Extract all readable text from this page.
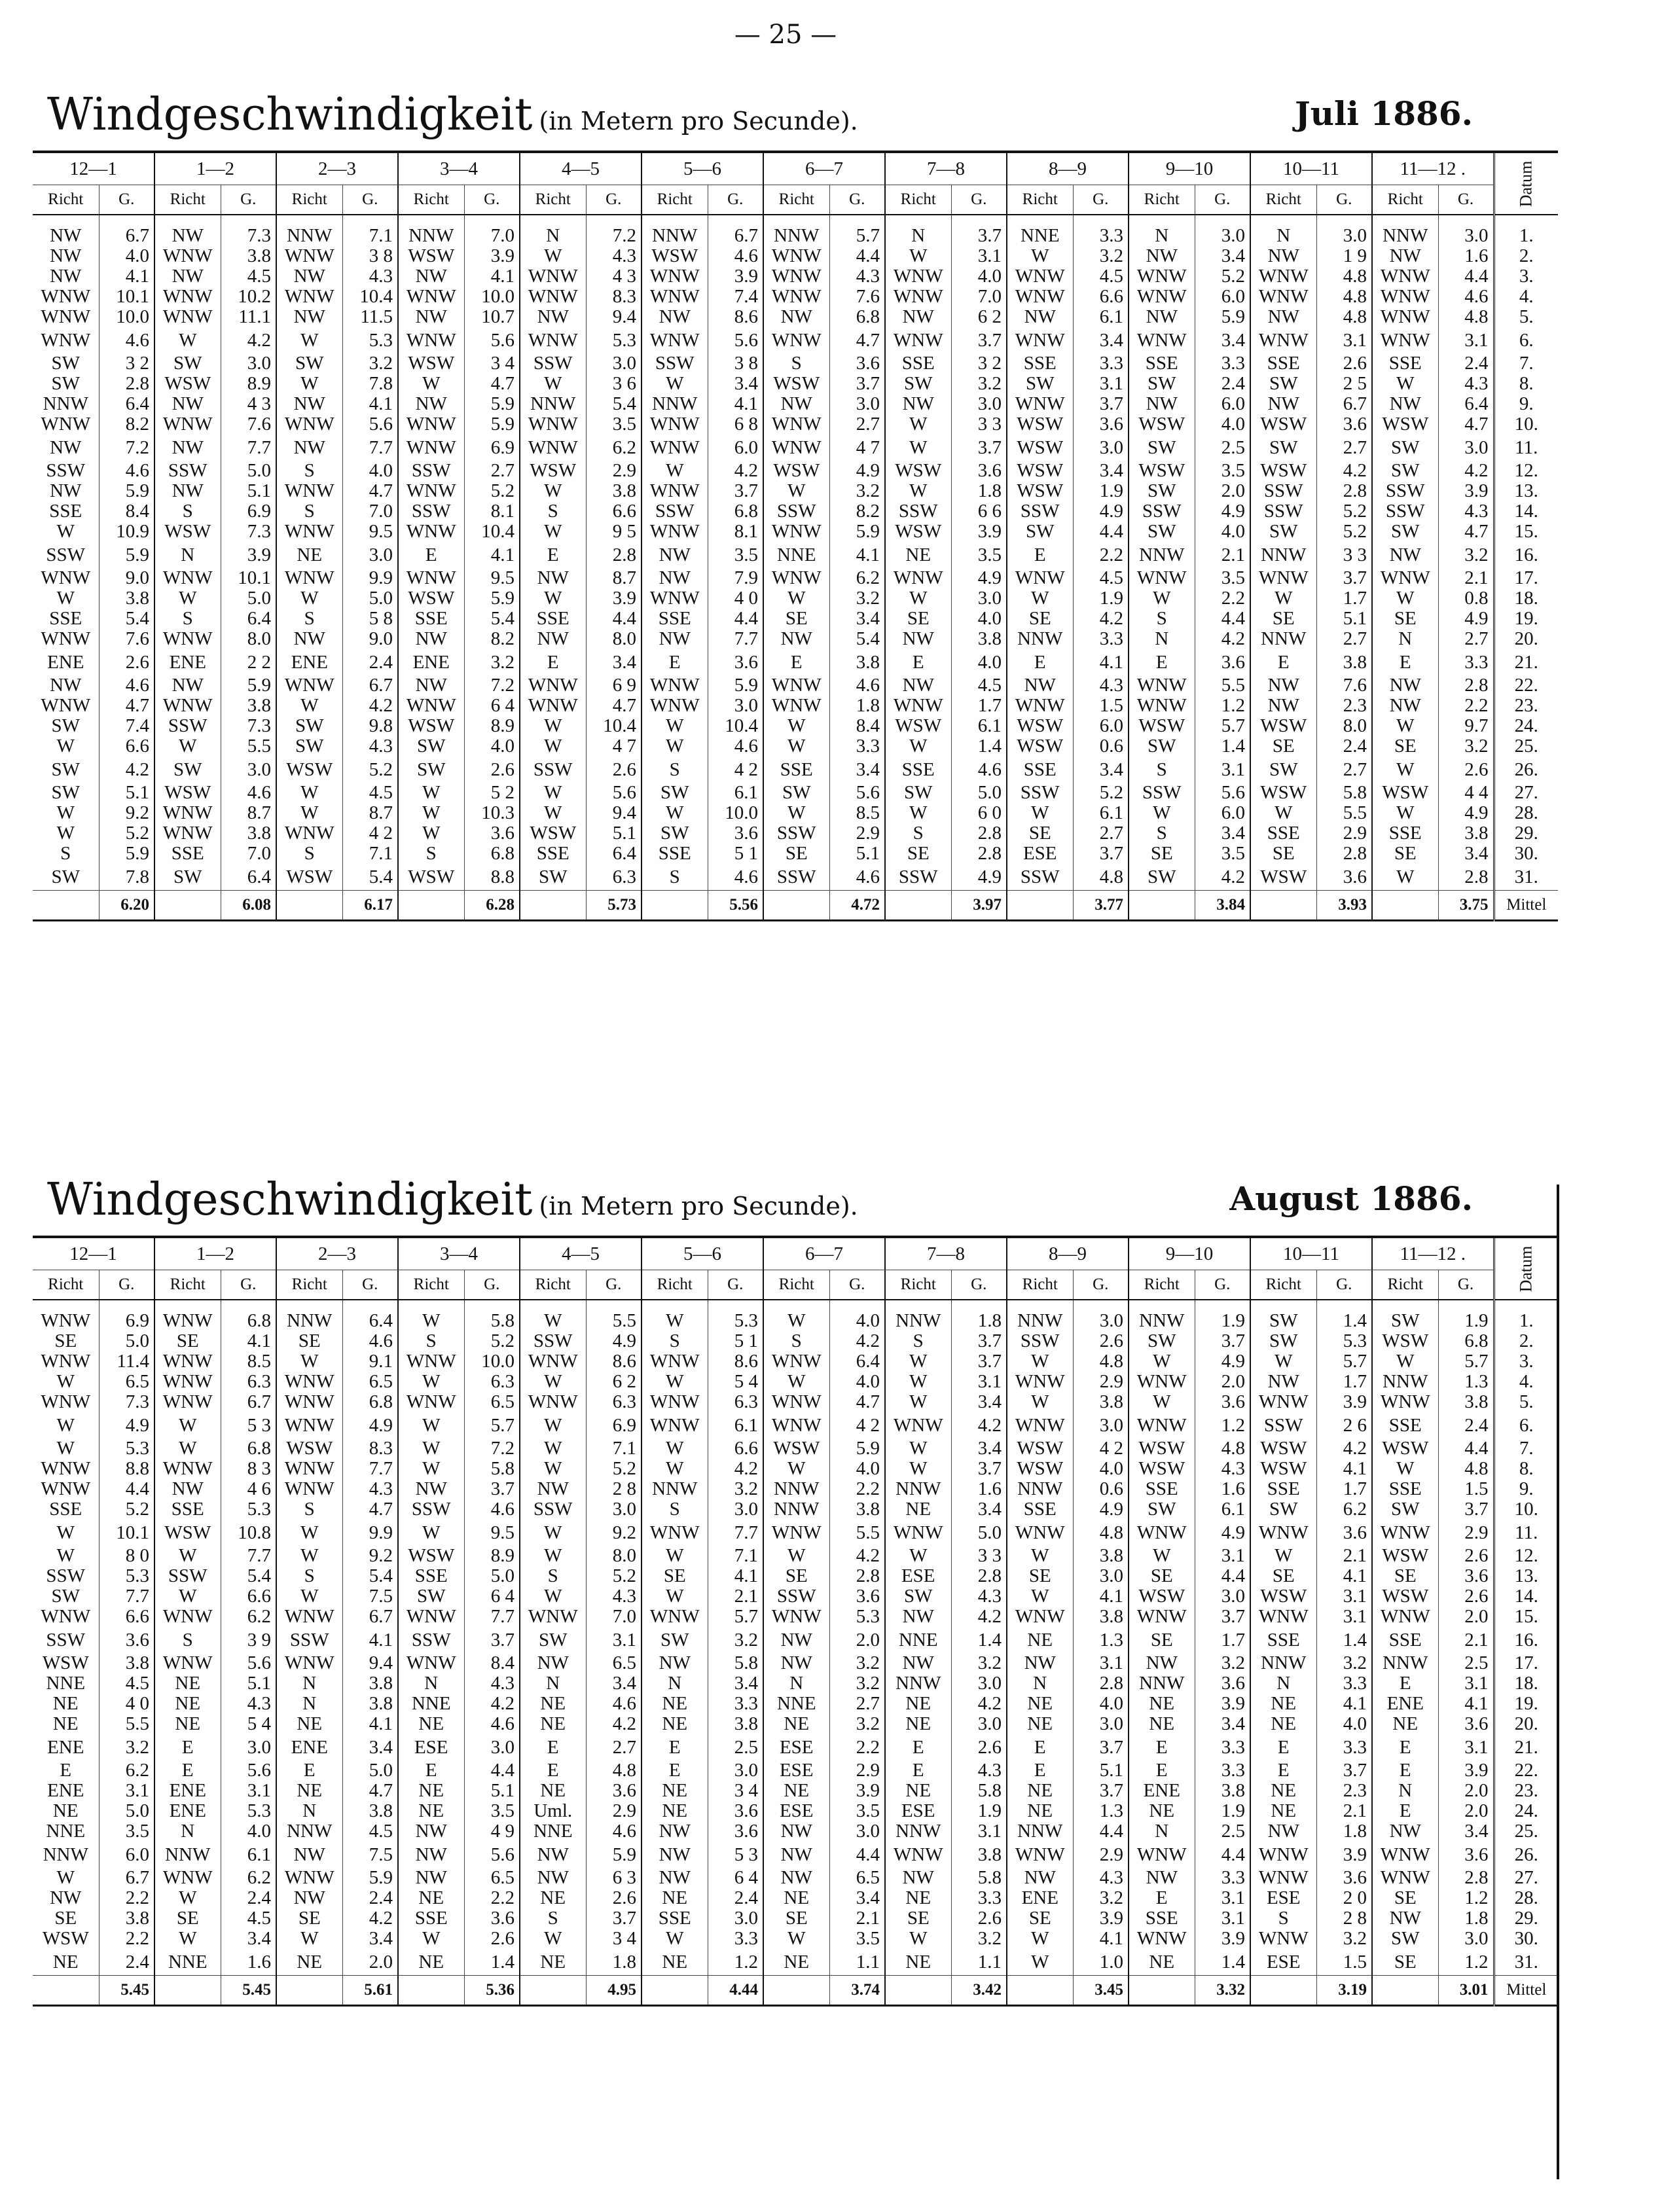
— 25 —
Windgeschwindigkeit (in Metern pro Secunde).	Juli 1886.
12—1		1—2		2—3		3—4		4—5		5—6		6—7		7—8		8—9		9—10		10—11		11—12 .		Datum
Richt	G.	Richt	G.	Richt	G.	Richt	G.	Richt	G.	Richt	G.	Richt	G.	Richt	G.	Richt	G.	Richt	G.	Richt	G.	Richt	G.	
NW	6.7	NW	7.3	NNW	7.1	NNW	7.0	N	7.2	NNW	6.7	NNW	5.7	N	3.7	NNE	3.3	N	3.0	N	3.0	NNW	3.0	1.
NW	4.0	WNW	3.8	WNW	3 8	WSW	3.9	W	4.3	WSW	4.6	WNW	4.4	W	3.1	W	3.2	NW	3.4	NW	1 9	NW	1.6	2.
NW	4.1	NW	4.5	NW	4.3	NW	4.1	WNW	4 3	WNW	3.9	WNW	4.3	WNW	4.0	WNW	4.5	WNW	5.2	WNW	4.8	WNW	4.4	3.
WNW	10.1	WNW	10.2	WNW	10.4	WNW	10.0	WNW	8.3	WNW	7.4	WNW	7.6	WNW	7.0	WNW	6.6	WNW	6.0	WNW	4.8	WNW	4.6	4.
WNW	10.0	WNW	11.1	NW	11.5	NW	10.7	NW	9.4	NW	8.6	NW	6.8	NW	6 2	NW	6.1	NW	5.9	NW	4.8	WNW	4.8	5.
WNW	4.6	W	4.2	W	5.3	WNW	5.6	WNW	5.3	WNW	5.6	WNW	4.7	WNW	3.7	WNW	3.4	WNW	3.4	WNW	3.1	WNW	3.1	6.
SW	3 2	SW	3.0	SW	3.2	WSW	3 4	SSW	3.0	SSW	3 8	S	3.6	SSE	3 2	SSE	3.3	SSE	3.3	SSE	2.6	SSE	2.4	7.
SW	2.8	WSW	8.9	W	7.8	W	4.7	W	3 6	W	3.4	WSW	3.7	SW	3.2	SW	3.1	SW	2.4	SW	2 5	W	4.3	8.
NNW	6.4	NW	4 3	NW	4.1	NW	5.9	NNW	5.4	NNW	4.1	NW	3.0	NW	3.0	WNW	3.7	NW	6.0	NW	6.7	NW	6.4	9.
WNW	8.2	WNW	7.6	WNW	5.6	WNW	5.9	WNW	3.5	WNW	6 8	WNW	2.7	W	3 3	WSW	3.6	WSW	4.0	WSW	3.6	WSW	4.7	10.
NW	7.2	NW	7.7	NW	7.7	WNW	6.9	WNW	6.2	WNW	6.0	WNW	4 7	W	3.7	WSW	3.0	SW	2.5	SW	2.7	SW	3.0	11.
SSW	4.6	SSW	5.0	S	4.0	SSW	2.7	WSW	2.9	W	4.2	WSW	4.9	WSW	3.6	WSW	3.4	WSW	3.5	WSW	4.2	SW	4.2	12.
NW	5.9	NW	5.1	WNW	4.7	WNW	5.2	W	3.8	WNW	3.7	W	3.2	W	1.8	WSW	1.9	SW	2.0	SSW	2.8	SSW	3.9	13.
SSE	8.4	S	6.9	S	7.0	SSW	8.1	S	6.6	SSW	6.8	SSW	8.2	SSW	6 6	SSW	4.9	SSW	4.9	SSW	5.2	SSW	4.3	14.
W	10.9	WSW	7.3	WNW	9.5	WNW	10.4	W	9 5	WNW	8.1	WNW	5.9	WSW	3.9	SW	4.4	SW	4.0	SW	5.2	SW	4.7	15.
SSW	5.9	N	3.9	NE	3.0	E	4.1	E	2.8	NW	3.5	NNE	4.1	NE	3.5	E	2.2	NNW	2.1	NNW	3 3	NW	3.2	16.
WNW	9.0	WNW	10.1	WNW	9.9	WNW	9.5	NW	8.7	NW	7.9	WNW	6.2	WNW	4.9	WNW	4.5	WNW	3.5	WNW	3.7	WNW	2.1	17.
W	3.8	W	5.0	W	5.0	WSW	5.9	W	3.9	WNW	4 0	W	3.2	W	3.0	W	1.9	W	2.2	W	1.7	W	0.8	18.
SSE	5.4	S	6.4	S	5 8	SSE	5.4	SSE	4.4	SSE	4.4	SE	3.4	SE	4.0	SE	4.2	S	4.4	SE	5.1	SE	4.9	19.
WNW	7.6	WNW	8.0	NW	9.0	NW	8.2	NW	8.0	NW	7.7	NW	5.4	NW	3.8	NNW	3.3	N	4.2	NNW	2.7	N	2.7	20.
ENE	2.6	ENE	2 2	ENE	2.4	ENE	3.2	E	3.4	E	3.6	E	3.8	E	4.0	E	4.1	E	3.6	E	3.8	E	3.3	21.
NW	4.6	NW	5.9	WNW	6.7	NW	7.2	WNW	6 9	WNW	5.9	WNW	4.6	NW	4.5	NW	4.3	WNW	5.5	NW	7.6	NW	2.8	22.
WNW	4.7	WNW	3.8	W	4.2	WNW	6 4	WNW	4.7	WNW	3.0	WNW	1.8	WNW	1.7	WNW	1.5	WNW	1.2	NW	2.3	NW	2.2	23.
SW	7.4	SSW	7.3	SW	9.8	WSW	8.9	W	10.4	W	10.4	W	8.4	WSW	6.1	WSW	6.0	WSW	5.7	WSW	8.0	W	9.7	24.
W	6.6	W	5.5	SW	4.3	SW	4.0	W	4 7	W	4.6	W	3.3	W	1.4	WSW	0.6	SW	1.4	SE	2.4	SE	3.2	25.
SW	4.2	SW	3.0	WSW	5.2	SW	2.6	SSW	2.6	S	4 2	SSE	3.4	SSE	4.6	SSE	3.4	S	3.1	SW	2.7	W	2.6	26.
SW	5.1	WSW	4.6	W	4.5	W	5 2	W	5.6	SW	6.1	SW	5.6	SW	5.0	SSW	5.2	SSW	5.6	WSW	5.8	WSW	4 4	27.
W	9.2	WNW	8.7	W	8.7	W	10.3	W	9.4	W	10.0	W	8.5	W	6 0	W	6.1	W	6.0	W	5.5	W	4.9	28.
W	5.2	WNW	3.8	WNW	4 2	W	3.6	WSW	5.1	SW	3.6	SSW	2.9	S	2.8	SE	2.7	S	3.4	SSE	2.9	SSE	3.8	29.
S	5.9	SSE	7.0	S	7.1	S	6.8	SSE	6.4	SSE	5 1	SE	5.1	SE	2.8	ESE	3.7	SE	3.5	SE	2.8	SE	3.4	30.
SW	7.8	SW	6.4	WSW	5.4	WSW	8.8	SW	6.3	S	4.6	SSW	4.6	SSW	4.9	SSW	4.8	SW	4.2	WSW	3.6	W	2.8	31.
	6.20		6.08		6.17		6.28		5.73		5.56		4.72		3.97		3.77		3.84		3.93		3.75	Mittel
Windgeschwindigkeit (in Metern pro Secunde).	August 1886.
12—1		1—2		2—3		3—4		4—5		5—6		6—7		7—8		8—9		9—10		10—11		11—12 .		Datum
Richt	G.	Richt	G.	Richt	G.	Richt	G.	Richt	G.	Richt	G.	Richt	G.	Richt	G.	Richt	G.	Richt	G.	Richt	G.	Richt	G.	
WNW	6.9	WNW	6.8	NNW	6.4	W	5.8	W	5.5	W	5.3	W	4.0	NNW	1.8	NNW	3.0	NNW	1.9	SW	1.4	SW	1.9	1.
SE	5.0	SE	4.1	SE	4.6	S	5.2	SSW	4.9	S	5 1	S	4.2	S	3.7	SSW	2.6	SW	3.7	SW	5.3	WSW	6.8	2.
WNW	11.4	WNW	8.5	W	9.1	WNW	10.0	WNW	8.6	WNW	8.6	WNW	6.4	W	3.7	W	4.8	W	4.9	W	5.7	W	5.7	3.
W	6.5	WNW	6.3	WNW	6.5	W	6.3	W	6 2	W	5 4	W	4.0	W	3.1	WNW	2.9	WNW	2.0	NW	1.7	NNW	1.3	4.
WNW	7.3	WNW	6.7	WNW	6.8	WNW	6.5	WNW	6.3	WNW	6.3	WNW	4.7	W	3.4	W	3.8	W	3.6	WNW	3.9	WNW	3.8	5.
W	4.9	W	5 3	WNW	4.9	W	5.7	W	6.9	WNW	6.1	WNW	4 2	WNW	4.2	WNW	3.0	WNW	1.2	SSW	2 6	SSE	2.4	6.
W	5.3	W	6.8	WSW	8.3	W	7.2	W	7.1	W	6.6	WSW	5.9	W	3.4	WSW	4 2	WSW	4.8	WSW	4.2	WSW	4.4	7.
WNW	8.8	WNW	8 3	WNW	7.7	W	5.8	W	5.2	W	4.2	W	4.0	W	3.7	WSW	4.0	WSW	4.3	WSW	4.1	W	4.8	8.
WNW	4.4	NW	4 6	WNW	4.3	NW	3.7	NW	2 8	NNW	3.2	NNW	2.2	NNW	1.6	NNW	0.6	SSE	1.6	SSE	1.7	SSE	1.5	9.
SSE	5.2	SSE	5.3	S	4.7	SSW	4.6	SSW	3.0	S	3.0	NNW	3.8	NE	3.4	SSE	4.9	SW	6.1	SW	6.2	SW	3.7	10.
W	10.1	WSW	10.8	W	9.9	W	9.5	W	9.2	WNW	7.7	WNW	5.5	WNW	5.0	WNW	4.8	WNW	4.9	WNW	3.6	WNW	2.9	11.
W	8 0	W	7.7	W	9.2	WSW	8.9	W	8.0	W	7.1	W	4.2	W	3 3	W	3.8	W	3.1	W	2.1	WSW	2.6	12.
SSW	5.3	SSW	5.4	S	5.4	SSE	5.0	S	5.2	SE	4.1	SE	2.8	ESE	2.8	SE	3.0	SE	4.4	SE	4.1	SE	3.6	13.
SW	7.7	W	6.6	W	7.5	SW	6 4	W	4.3	W	2.1	SSW	3.6	SW	4.3	W	4.1	WSW	3.0	WSW	3.1	WSW	2.6	14.
WNW	6.6	WNW	6.2	WNW	6.7	WNW	7.7	WNW	7.0	WNW	5.7	WNW	5.3	NW	4.2	WNW	3.8	WNW	3.7	WNW	3.1	WNW	2.0	15.
SSW	3.6	S	3 9	SSW	4.1	SSW	3.7	SW	3.1	SW	3.2	NW	2.0	NNE	1.4	NE	1.3	SE	1.7	SSE	1.4	SSE	2.1	16.
WSW	3.8	WNW	5.6	WNW	9.4	WNW	8.4	NW	6.5	NW	5.8	NW	3.2	NW	3.2	NW	3.1	NW	3.2	NNW	3.2	NNW	2.5	17.
NNE	4.5	NE	5.1	N	3.8	N	4.3	N	3.4	N	3.4	N	3.2	NNW	3.0	N	2.8	NNW	3.6	N	3.3	E	3.1	18.
NE	4 0	NE	4.3	N	3.8	NNE	4.2	NE	4.6	NE	3.3	NNE	2.7	NE	4.2	NE	4.0	NE	3.9	NE	4.1	ENE	4.1	19.
NE	5.5	NE	5 4	NE	4.1	NE	4.6	NE	4.2	NE	3.8	NE	3.2	NE	3.0	NE	3.0	NE	3.4	NE	4.0	NE	3.6	20.
ENE	3.2	E	3.0	ENE	3.4	ESE	3.0	E	2.7	E	2.5	ESE	2.2	E	2.6	E	3.7	E	3.3	E	3.3	E	3.1	21.
E	6.2	E	5.6	E	5.0	E	4.4	E	4.8	E	3.0	ESE	2.9	E	4.3	E	5.1	E	3.3	E	3.7	E	3.9	22.
ENE	3.1	ENE	3.1	NE	4.7	NE	5.1	NE	3.6	NE	3 4	NE	3.9	NE	5.8	NE	3.7	ENE	3.8	NE	2.3	N	2.0	23.
NE	5.0	ENE	5.3	N	3.8	NE	3.5	Uml.	2.9	NE	3.6	ESE	3.5	ESE	1.9	NE	1.3	NE	1.9	NE	2.1	E	2.0	24.
NNE	3.5	N	4.0	NNW	4.5	NW	4 9	NNE	4.6	NW	3.6	NW	3.0	NNW	3.1	NNW	4.4	N	2.5	NW	1.8	NW	3.4	25.
NNW	6.0	NNW	6.1	NW	7.5	NW	5.6	NW	5.9	NW	5 3	NW	4.4	WNW	3.8	WNW	2.9	WNW	4.4	WNW	3.9	WNW	3.6	26.
W	6.7	WNW	6.2	WNW	5.9	NW	6.5	NW	6 3	NW	6 4	NW	6.5	NW	5.8	NW	4.3	NW	3.3	WNW	3.6	WNW	2.8	27.
NW	2.2	W	2.4	NW	2.4	NE	2.2	NE	2.6	NE	2.4	NE	3.4	NE	3.3	ENE	3.2	E	3.1	ESE	2 0	SE	1.2	28.
SE	3.8	SE	4.5	SE	4.2	SSE	3.6	S	3.7	SSE	3.0	SE	2.1	SE	2.6	SE	3.9	SSE	3.1	S	2 8	NW	1.8	29.
WSW	2.2	W	3.4	W	3.4	W	2.6	W	3 4	W	3.3	W	3.5	W	3.2	W	4.1	WNW	3.9	WNW	3.2	SW	3.0	30.
NE	2.4	NNE	1.6	NE	2.0	NE	1.4	NE	1.8	NE	1.2	NE	1.1	NE	1.1	W	1.0	NE	1.4	ESE	1.5	SE	1.2	31.
	5.45		5.45		5.61		5.36		4.95		4.44		3.74		3.42		3.45		3.32		3.19		3.01	Mittel
